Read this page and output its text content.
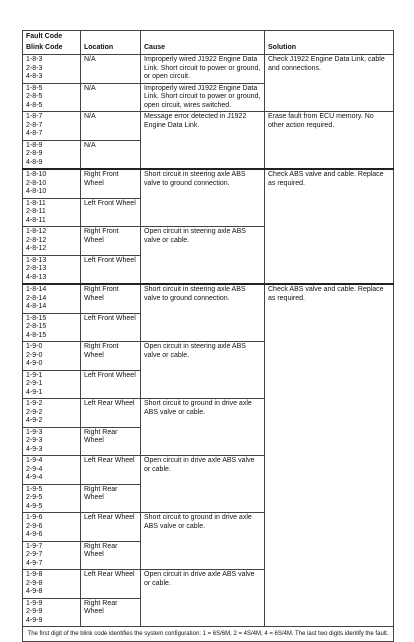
Fault Code			
Blink Code	Location	Cause	Solution

1-8-3
2-8-3
4-8-3	N/A	Improperly wired J1922 Engine Data Link. Short circuit to power or ground, or open circuit.	Check J1922 Engine Data Link, cable and connections.

1-8-5
2-8-5
4-8-5	N/A	Improperly wired J1922 Engine Data Link. Short circuit to power or ground, open circuit, wires switched.	

1-8-7
2-8-7
4-8-7	N/A	Message error detected in J1922 Engine Data Link.	Erase fault from ECU memory. No other action required.

1-8-9
2-8-9
4-8-9	N/A		

1-8-10
2-8-10
4-8-10	Right Front Wheel	Short circuit in steering axle ABS valve to ground connection.	Check ABS valve and cable. Replace as required.

1-8-11
2-8-11
4-8-11	Left Front Wheel		

1-8-12
2-8-12
4-8-12	Right Front Wheel	Open circuit in steering axle ABS valve or cable.	

1-8-13
2-8-13
4-8-13	Left Front Wheel		

1-8-14
2-8-14
4-8-14	Right Front Wheel	Short circuit in steering axle ABS valve to ground connection.	Check ABS valve and cable. Replace as required.

1-8-15
2-8-15
4-8-15	Left Front Wheel		

1-9-0
2-9-0
4-9-0	Right Front Wheel	Open circuit in steering axle ABS valve or cable.	

1-9-1
2-9-1
4-9-1	Left Front Wheel		

1-9-2
2-9-2
4-9-2	Left Rear Wheel	Short circuit to ground in drive axle ABS valve or cable.	

1-9-3
2-9-3
4-9-3	Right Rear Wheel		

1-9-4
2-9-4
4-9-4	Left Rear Wheel	Open circuit in drive axle ABS valve or cable.	

1-9-5
2-9-5
4-9-5	Right Rear Wheel		

1-9-6
2-9-6
4-9-6	Left Rear Wheel	Short circuit to ground in drive axle ABS valve or cable.	

1-9-7
2-9-7
4-9-7	Right Rear Wheel		

1-9-8
2-9-8
4-9-8	Left Rear Wheel	Open circuit in drive axle ABS valve or cable.	

1-9-9
2-9-9
4-9-9	Right Rear Wheel		
The first digit of the blink code identifies the system configuration: 1 = 6S/6M, 2 = 4S/4M, 4 = 6S/4M. The last two digits identify the fault.			
